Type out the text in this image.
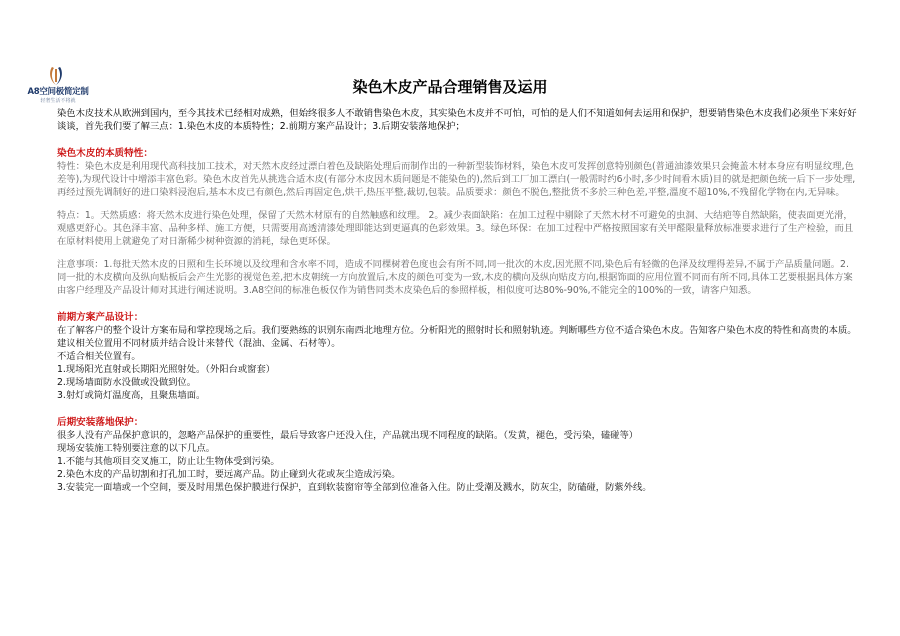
A8空间极简定制
轻奢生活不将就
染色木皮产品合理销售及运用

染色木皮技术从欧洲到国内，至今其技术已经相对成熟，但始终很多人不敢销售染色木皮，其实染色木皮并不可怕，可怕的是人们不知道如何去运用和保护，想要销售染色木皮我们必须坐下来好好谈谈，首先我们要了解三点：1.染色木皮的本质特性；2.前期方案产品设计；3.后期安装落地保护；

染色木皮的本质特性：

特性：染色木皮是利用现代高科技加工技术，对天然木皮经过漂白着色及缺陷处理后而制作出的一种新型装饰材料，染色木皮可发挥创意特别颜色(普通油漆效果只会掩盖木材本身应有明显纹理,色差等),为现代设计中增添丰富色彩。染色木皮首先从挑选合适木皮(有部分木皮因木质问题是不能染色的),然后到工厂加工漂白(一般需时约6小时,多少时间看木质)目的就是把颜色统一后下一步处理,再经过预先调制好的进口染料浸泡后,基本木皮已有颜色,然后再固定色,烘干,热压平整,裁切,包装。品质要求：颜色不脱色,整批货不多於三种色差,平整,溫度不超10%,不残留化学物在内,无异味。

特点：1。天然质感：将天然木皮进行染色处理，保留了天然木材原有的自然触感和纹理。 2。减少表面缺陷：在加工过程中剔除了天然木材不可避免的虫洞、大结疤等自然缺陷，使表面更光滑，观感更舒心。其色泽丰富、品种多样、施工方便，只需要用高透清漆处理即能达到更逼真的色彩效果。3。绿色环保：在加工过程中严格按照国家有关甲醛限量释放标准要求进行了生产检验，而且在原材料使用上就避免了对日渐稀少树种资源的消耗，绿色更环保。

注意事项：1.每批天然木皮的日照和生长环境以及纹理和含水率不同，造成不同棵树着色度也会有所不同,同一批次的木皮,因光照不同,染色后有轻微的色泽及纹理得差异,不属于产品质量问题。2.同一批的木皮横向及纵向贴板后会产生光影的视觉色差,把木皮朝统一方向放置后,木皮的颜色可变为一致,木皮的横向及纵向贴皮方向,根据饰面的应用位置不同而有所不同,具体工艺要根据具体方案由客户经理及产品设计师对其进行阐述说明。3.A8空间的标准色板仅作为销售同类木皮染色后的参照样板，相似度可达80%-90%,不能完全的100%的一致，请客户知悉。

前期方案产品设计：

在了解客户的整个设计方案布局和掌控现场之后。我们要熟练的识别东南西北地理方位。分析阳光的照射时长和照射轨迹。判断哪些方位不适合染色木皮。告知客户染色木皮的特性和高贵的本质。建议相关位置用不同材质并结合设计来替代（混油、金属、石材等）。

不适合相关位置有。
1.现场阳光直射或长期阳光照射处。（外阳台或窗套）
2.现场墙面防水没做或没做到位。
3.射灯或筒灯温度高，且聚焦墙面。
后期安装落地保护：

很多人没有产品保护意识的，忽略产品保护的重要性，最后导致客户还没入住，产品就出现不同程度的缺陷。（发黄，褪色，受污染，磕碰等）

现场安装施工特别要注意的以下几点。
1.不能与其他项目交叉施工，防止让生物体受到污染。
2.染色木皮的产品切割和打孔加工时，要远离产品。防止碰到火花或灰尘造成污染。
3.安装完一面墙或一个空间，要及时用黑色保护膜进行保护，直到软装窗帘等全部到位准备入住。防止受潮及溅水，防灰尘，防磕碰，防紫外线。
